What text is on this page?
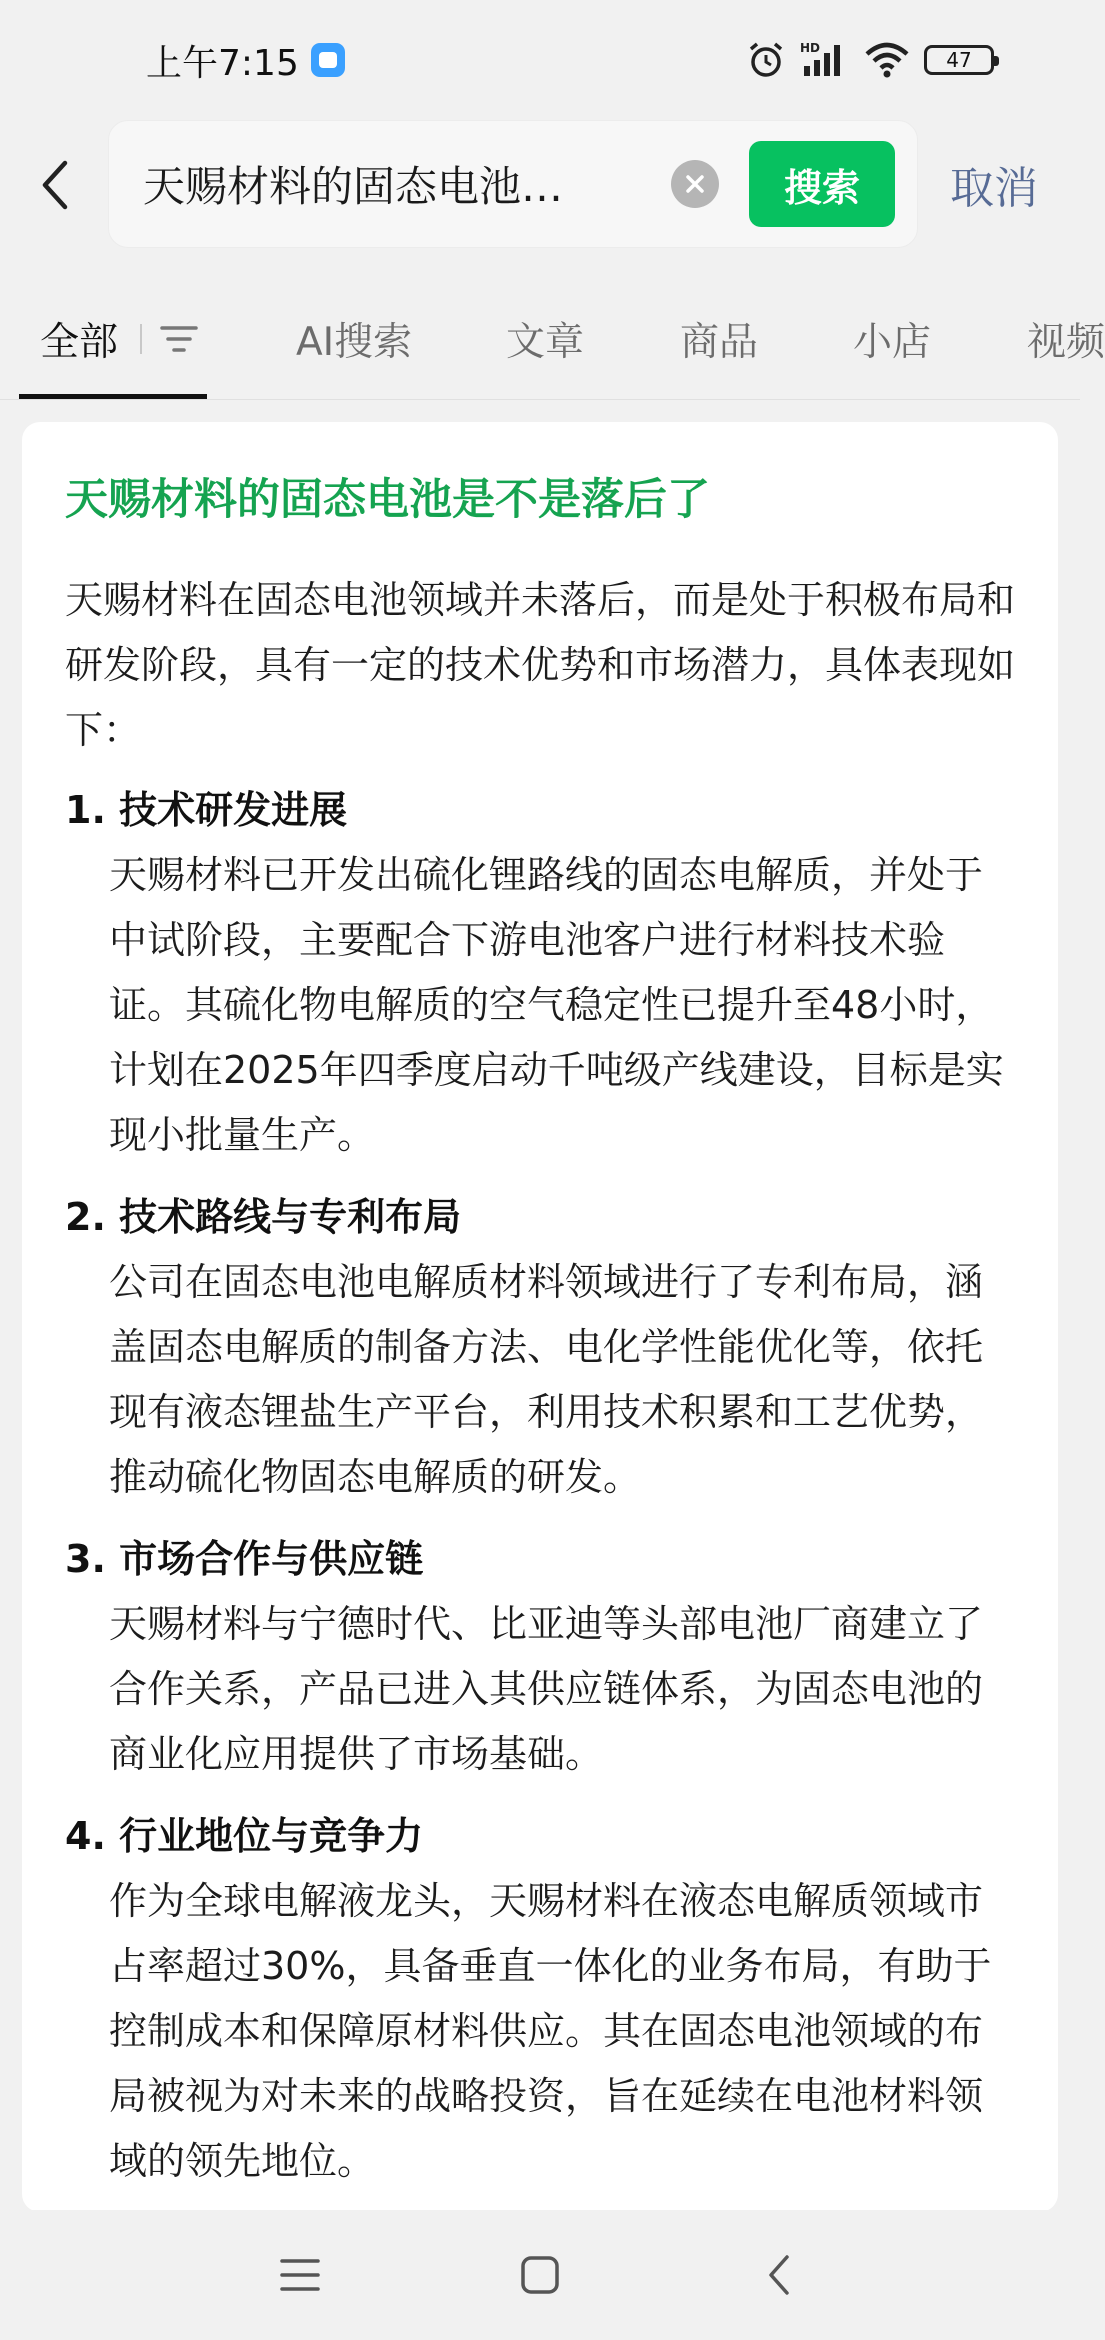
上午7:15	HD	47
天赐材料的固态电池…	搜索	取消
全部	AI搜索 文章 商品 小店 视频
天赐材料的固态电池是不是落后了
天赐材料在固态电池领域并未落后，而是处于积极布局和研发阶段，具有一定的技术优势和市场潜力，具体表现如下：
1. 技术研发进展
天赐材料已开发出硫化锂路线的固态电解质，并处于中试阶段，主要配合下游电池客户进行材料技术验证。其硫化物电解质的空气稳定性已提升至48小时，计划在2025年四季度启动千吨级产线建设，目标是实现小批量生产。
2. 技术路线与专利布局
公司在固态电池电解质材料领域进行了专利布局，涵盖固态电解质的制备方法、电化学性能优化等，依托现有液态锂盐生产平台，利用技术积累和工艺优势，推动硫化物固态电解质的研发。
3. 市场合作与供应链
天赐材料与宁德时代、比亚迪等头部电池厂商建立了合作关系，产品已进入其供应链体系，为固态电池的商业化应用提供了市场基础。
4. 行业地位与竞争力
作为全球电解液龙头，天赐材料在液态电解质领域市占率超过30%，具备垂直一体化的业务布局，有助于控制成本和保障原材料供应。其在固态电池领域的布局被视为对未来的战略投资，旨在延续在电池材料领域的领先地位。
